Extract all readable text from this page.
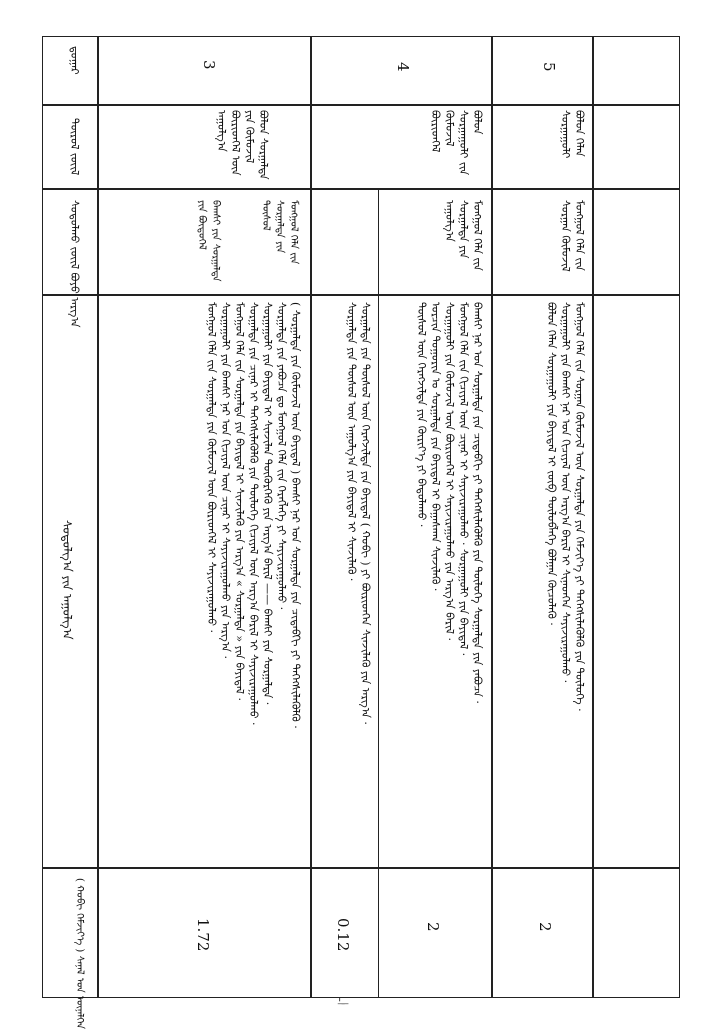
ᠳ᠋ᠤᠭᠠᠷ
ᠲᠥᠷᠥᠯ ᠵᠦᠢᠯ
ᠰᠤᠳᠤᠯᠬᠤ ᠵᠦᠢᠯ ᠪᠤᠶᠤ ᠠᠷᠭ᠎ᠠ
ᠰᠤᠳᠤᠯᠭ᠎ᠠ ᠶᠢᠨ ᠠᠭᠤᠯᠭ᠎ᠠ
( ᠬᠤᠪᠢ ᠬᠡᠮᠵᠢᠶ᠎ᠡ ) ᠰᠠᠨᠠᠯ ᠤᠨ ᠦᠨᠡᠯᠭᠡᠨ
3
ᠪᠣᠯᠤᠨ ᠰᠤᠷᠭᠠᠯᠲᠠ ᠶᠢᠨ ᠬᠦᠮᠦᠵᠢᠯ ᠪᠦᠷᠢᠳᠬᠡᠯ ᠦᠨ ᠠᠭᠤᠯᠭ᠎ᠠ
ᠮᠣᠩᠭᠣᠯ ᠬᠡᠯᠡ ᠵᠢᠨ ᠰᠤᠷᠭᠠᠯᠲᠠ ᠶᠢᠨ ᠲᠥᠰᠥᠯ
ᠪᠠᠭᠰᠢ ᠶᠢᠨ ᠰᠤᠷᠭᠠᠯᠲᠠ ᠶᠢᠨ ᠪᠦᠲᠦᠭᠡᠯ
ᠰᠤᠷᠭᠠᠯᠲᠠ ᠶᠢᠨ ᠲᠥᠰᠥᠯ ᠦᠨ ᠬᠡᠷᠡᠭᠵᠢᠯᠲᠡ ᠶᠢᠨ ᠪᠠᠶᠢᠳᠠᠯ ( ᠬᠤᠪᠢ ) ᠶᠢ ᠪᠦᠷᠢᠳᠬᠡᠨ ᠰᠢᠨᠵᠢᠯᠡᠬᠦ ᠶᠢᠨ ᠠᠷᠭ᠎ᠠ ·
ᠰᠤᠷᠭᠠᠯᠲᠠ ᠶᠢᠨ ᠲᠥᠰᠥᠯ ᠦᠨ ᠠᠭᠤᠯᠭ᠎ᠠ ᠶᠢᠨ ᠪᠠᠶᠢᠳᠠᠯ ᠢ ᠰᠢᠨᠵᠢᠯᠡᠬᠦ ·
( ᠰᠤᠷᠭᠠᠯᠲᠠ ᠶᠢᠨ ᠬᠦᠮᠦᠵᠢᠯ ᠦᠨ ᠪᠠᠶᠢᠳᠠᠯ ) ᠪᠠᠭᠰᠢ ᠨᠠᠷ ᠤᠨ ᠰᠤᠷᠭᠠᠯᠲᠠ ᠶᠢᠨ ᠴᠢᠳᠠᠪᠬᠢ ᠶᠢ ᠳᠡᠭᠡᠭᠰᠢᠯᠡᠭᠦᠯᠬᠦ ·
ᠰᠤᠷᠭᠠᠯᠲᠠ ᠶᠢᠨ ᠶᠠᠪᠤᠴᠠ ᠳᠤ ᠮᠣᠩᠭᠣᠯ ᠬᠡᠯᠡ ᠵᠢᠨ ᠬᠡᠷᠡᠭᠯᠡᠭᠡ ᠶᠢ ᠰᠠᠶᠢᠵᠢᠷᠠᠭᠤᠯᠬᠤ ·
ᠰᠤᠷᠭᠠᠭᠤᠯᠢ ᠶᠢᠨ ᠪᠠᠶᠢᠳᠠᠯ ᠢ ᠰᠢᠨᠵᠢᠯᠡᠨ ᠳᠦᠭᠦᠷᠭᠡᠬᠦ ᠶᠢᠨ ᠠᠷᠭ᠎ᠠ ᠪᠠᠷᠢᠯ —— ᠪᠠᠭᠰᠢ ᠶᠢᠨ ᠰᠤᠷᠭᠠᠯᠲᠠ ·
ᠰᠤᠷᠭᠠᠯᠲᠠ ᠶᠢᠨ ᠴᠢᠨᠠᠷ ᠢ ᠳᠡᠭᠡᠭᠰᠢᠯᠡᠭᠦᠯᠬᠦ ᠶᠢᠨ ᠲᠥᠯᠥᠭᠡ ᠬᠢᠴᠢᠶᠡᠯ ᠦᠨ ᠠᠷᠭ᠎ᠠ ᠪᠠᠷᠢᠯ ᠢ ᠰᠠᠶᠢᠵᠢᠷᠠᠭᠤᠯᠬᠤ ·
ᠮᠣᠩᠭᠣᠯ ᠬᠡᠯᠡ ᠵᠢᠨ ᠰᠤᠷᠭᠠᠯᠲᠠ ᠶᠢᠨ ᠪᠠᠶᠢᠳᠠᠯ ᠢ ᠰᠢᠨᠵᠢᠯᠡᠬᠦ ᠶᠢᠨ ᠠᠷᠭ᠎ᠠ « ᠰᠤᠷᠭᠠᠯᠲᠠ » ᠶᠢᠨ ᠪᠠᠶᠢᠳᠠᠯ ·
ᠰᠤᠷᠭᠠᠭᠤᠯᠢ ᠶᠢᠨ ᠪᠠᠭᠰᠢ ᠨᠠᠷ ᠤᠨ ᠬᠢᠴᠢᠶᠡᠯ ᠦᠨ ᠴᠢᠨᠠᠷ ᠢ ᠰᠠᠶᠢᠵᠢᠷᠠᠭᠤᠯᠬᠤ ᠶᠢᠨ ᠠᠷᠭ᠎ᠠ ·
ᠮᠣᠩᠭᠣᠯ ᠬᠡᠯᠡ ᠵᠢᠨ ᠰᠤᠷᠭᠠᠯᠲᠠ ᠶᠢᠨ ᠬᠦᠮᠦᠵᠢᠯ ᠦᠨ ᠪᠦᠷᠢᠳᠬᠡᠯ ᠢ ᠰᠠᠶᠢᠵᠢᠷᠠᠭᠤᠯᠬᠤ ·
0.12
1.72
4
ᠪᠣᠯᠤᠨ ᠰᠤᠷᠭᠠᠭᠤᠯᠢ ᠵᠢᠨ ᠬᠦᠮᠦᠵᠢᠯ ᠪᠦᠷᠢᠳᠬᠡᠯ
ᠮᠣᠩᠭᠣᠯ ᠬᠡᠯᠡ ᠵᠢᠨ ᠰᠤᠷᠭᠠᠯᠲᠠ ᠶᠢᠨ ᠠᠭᠤᠯᠭ᠎ᠠ
ᠪᠠᠭᠰᠢ ᠨᠠᠷ ᠤᠨ ᠰᠤᠷᠭᠠᠯᠲᠠ ᠶᠢᠨ ᠴᠢᠳᠠᠪᠬᠢ ᠶᠢ ᠳᠡᠭᠡᠭᠰᠢᠯᠡᠭᠦᠯᠬᠦ ᠶᠢᠨ ᠲᠥᠯᠥᠭᠡ ᠰᠤᠷᠭᠠᠯᠲᠠ ᠶᠢᠨ ᠶᠠᠪᠤᠴᠠ ·
ᠮᠣᠩᠭᠣᠯ ᠬᠡᠯᠡ ᠵᠢᠨ ᠬᠢᠴᠢᠶᠡᠯ ᠦᠨ ᠴᠢᠨᠠᠷ ᠢ ᠰᠠᠶᠢᠵᠢᠷᠠᠭᠤᠯᠬᠤ · ᠰᠤᠷᠭᠠᠭᠤᠯᠢ ᠶᠢᠨ ᠪᠠᠶᠢᠳᠠᠯ ·
ᠰᠤᠷᠭᠠᠭᠤᠯᠢ ᠶᠢᠨ ᠬᠦᠮᠦᠵᠢᠯ ᠦᠨ ᠪᠦᠷᠢᠳᠬᠡᠯ ᠢ ᠰᠠᠶᠢᠵᠢᠷᠠᠭᠤᠯᠬᠤ ᠶᠢᠨ ᠠᠷᠭ᠎ᠠ ᠪᠠᠷᠢᠯ ·
ᠣᠷᠴᠢᠨ ᠲᠣᠭᠣᠷᠢᠨ ᠤ ᠰᠤᠷᠭᠠᠯᠲᠠ ᠶᠢᠨ ᠪᠠᠶᠢᠳᠠᠯ ᠢ ᠪᠠᠭᠠᠰᠬᠠᠨ ᠰᠢᠨᠵᠢᠯᠡᠬᠦ ·
ᠲᠥᠰᠥᠯ ᠦᠨ ᠬᠡᠷᠡᠭᠵᠢᠯᠲᠡ ᠶᠢᠨ ᠬᠦᠷᠢᠶ᠎ᠡ ᠶᠢ ᠪᠠᠲᠤᠯᠠᠬᠤ ·
2
5
ᠪᠣᠯᠤᠨ ᠬᠡᠯᠡᠨ ᠰᠤᠷᠭᠠᠭᠤᠯᠢ
ᠮᠣᠩᠭᠣᠯ ᠬᠡᠯᠡ ᠵᠢᠨ ᠰᠤᠷᠭᠠᠨ ᠬᠦᠮᠦᠵᠢᠯ
ᠮᠣᠩᠭᠣᠯ ᠬᠡᠯᠡ ᠵᠢᠨ ᠰᠤᠷᠭᠠᠨ ᠬᠦᠮᠦᠵᠢᠯ ᠦᠨ ᠰᠤᠷᠭᠠᠯᠲᠠ ᠶᠢᠨ ᠬᠡᠮᠵᠢᠶ᠎ᠡ ᠶᠢ ᠳᠡᠭᠡᠭᠰᠢᠯᠡᠭᠦᠯᠬᠦ ᠶᠢᠨ ᠲᠥᠯᠥᠭᠡ ·
ᠰᠤᠷᠭᠠᠭᠤᠯᠢ ᠶᠢᠨ ᠪᠠᠭᠰᠢ ᠨᠠᠷ ᠤᠨ ᠬᠢᠴᠢᠶᠡᠯ ᠦᠨ ᠠᠷᠭ᠎ᠠ ᠪᠠᠷᠢᠯ ᠢ ᠰᠢᠨᠡᠳᠬᠡᠨ ᠰᠠᠶᠢᠵᠢᠷᠠᠭᠤᠯᠬᠤ ·
ᠪᠣᠯᠤᠨ ᠬᠡᠯᠡᠨ ᠰᠤᠷᠭᠠᠭᠤᠯᠢ ᠶᠢᠨ ᠪᠠᠶᠢᠳᠠᠯ ᠢ ᠵᠥᠪ ᠲᠥᠯᠥᠪᠯᠡᠭᠡ ᠪᠣᠯᠭᠠᠨ ᠬᠦᠴᠦᠯᠡᠬᠦ ·
2
' ̶ ̶
